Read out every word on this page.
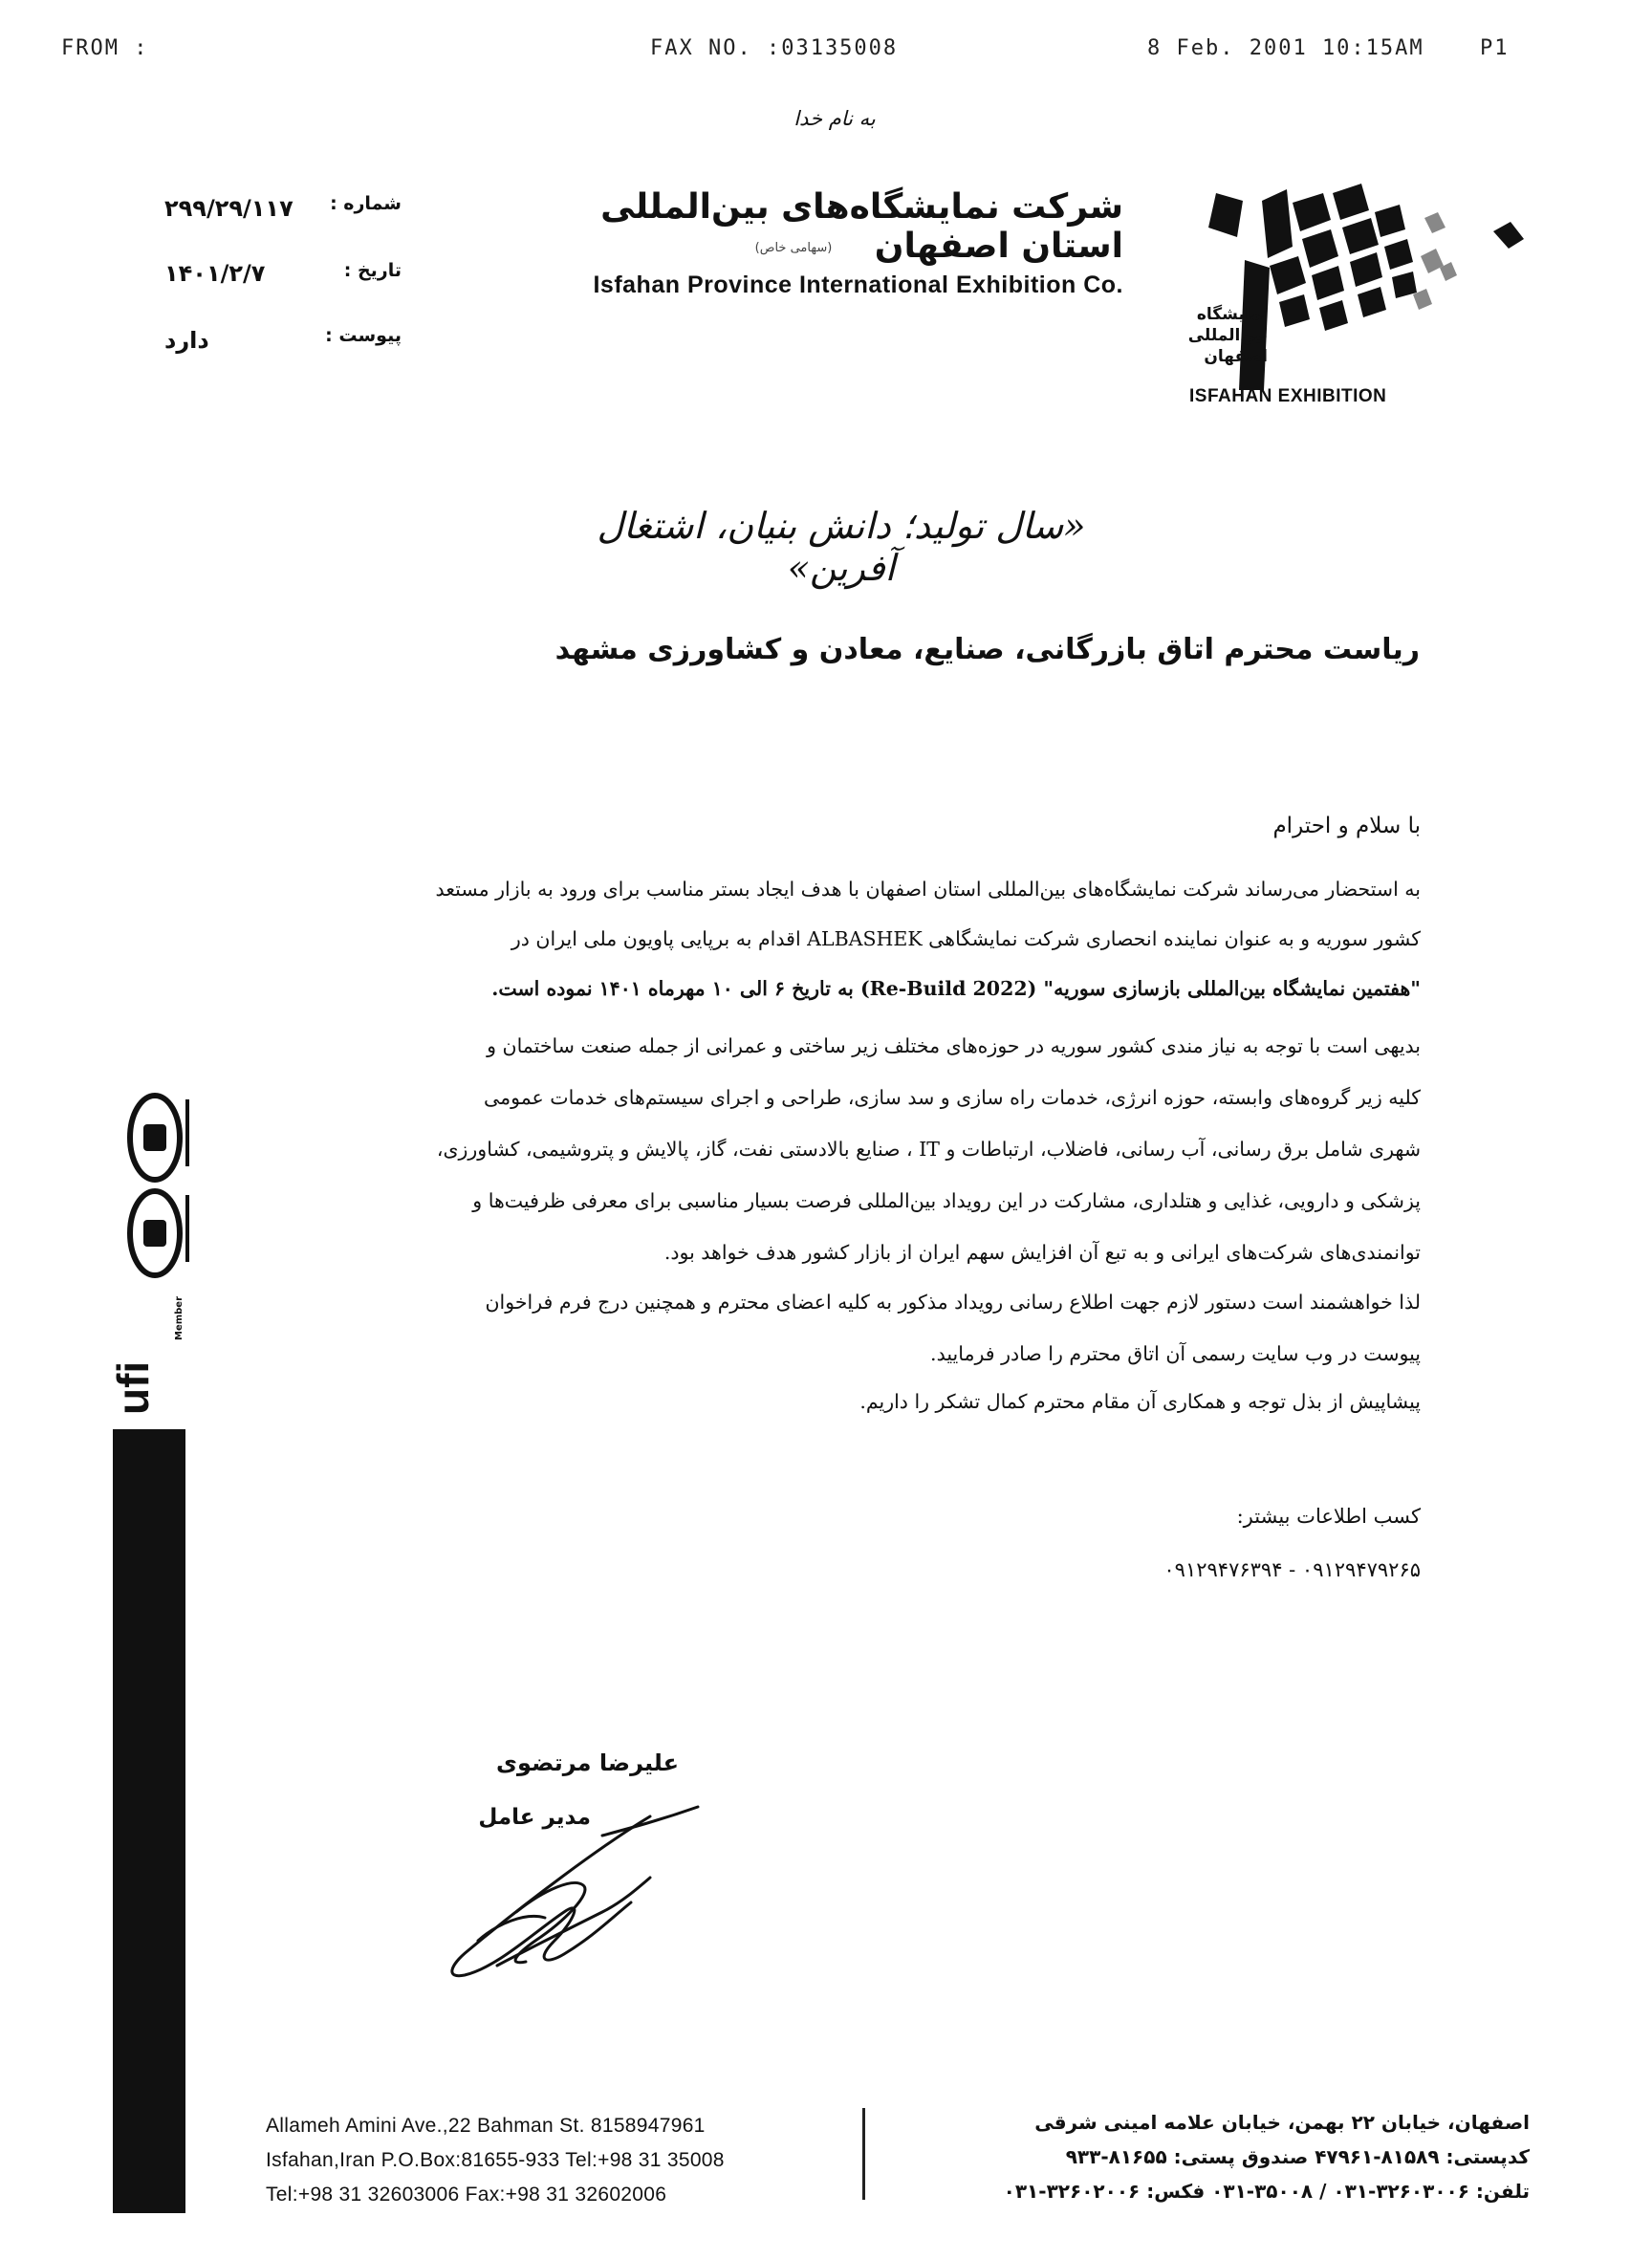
FROM :	FAX NO. :03135008	8 Feb. 2001 10:15AM	P1
به نام خدا
شرکت نمایشگاه‌های بین‌المللی استان اصفهان
(سهامی خاص)
Isfahan Province International Exhibition Co.
شماره :
۲۹۹/۲۹/۱۱۷
تاریخ :
۱۴۰۱/۲/۷
پیوست :
دارد
نمایشگاه
بین‌المللی
اصفهان
ISFAHAN EXHIBITION
«سال تولید؛ دانش بنیان، اشتغال آفرین»
ریاست محترم اتاق بازرگانی، صنایع، معادن و کشاورزی مشهد
با سلام و احترام
به استحضار می‌رساند شرکت نمایشگاه‌های بین‌المللی استان اصفهان با هدف ایجاد بستر مناسب برای ورود به بازار مستعد
کشور سوریه و به عنوان نماینده انحصاری شرکت نمایشگاهی ALBASHEK اقدام به برپایی پاویون ملی ایران در
"هفتمین نمایشگاه بین‌المللی بازسازی سوریه" (Re-Build 2022) به تاریخ ۶ الی ۱۰ مهرماه ۱۴۰۱ نموده است.
بدیهی است با توجه به نیاز مندی کشور سوریه در حوزه‌های مختلف زیر ساختی و عمرانی از جمله صنعت ساختمان و
کلیه زیر گروه‌های وابسته، حوزه انرژی، خدمات راه سازی و سد سازی، طراحی و اجرای سیستم‌های خدمات عمومی
شهری شامل برق رسانی، آب رسانی، فاضلاب، ارتباطات و IT ، صنایع بالادستی نفت، گاز، پالایش و پتروشیمی، کشاورزی،
پزشکی و دارویی، غذایی و هتلداری، مشارکت در این رویداد بین‌المللی فرصت بسیار مناسبی برای معرفی ظرفیت‌ها و
توانمندی‌های شرکت‌های ایرانی و به تبع آن افزایش سهم ایران از بازار کشور هدف خواهد بود.
لذا خواهشمند است دستور لازم جهت اطلاع رسانی رویداد مذکور به کلیه اعضای محترم و همچنین درج فرم فراخوان
پیوست در وب سایت رسمی آن اتاق محترم را صادر فرمایید.
پیشاپیش از بذل توجه و همکاری آن مقام محترم کمال تشکر را داریم.
کسب اطلاعات بیشتر:
۰۹۱۲۹۴۷۶۳۹۴ - ۰۹۱۲۹۴۷۹۲۶۵
علیرضا مرتضوی
مدیر عامل
ufi
Member
www.isfahanfair.com info@isfahanfair.com
Allameh Amini Ave.,22 Bahman St. 8158947961
Isfahan,Iran P.O.Box:81655-933 Tel:+98 31 35008
Tel:+98 31 32603006 Fax:+98 31 32602006
اصفهان، خیابان ۲۲ بهمن، خیابان علامه امینی شرقی
کدپستی: ۸۱۵۸۹-۴۷۹۶۱ صندوق پستی: ۸۱۶۵۵-۹۳۳
تلفن: ۳۲۶۰۳۰۰۶-۰۳۱ / ۳۵۰۰۸-۰۳۱ فکس: ۳۲۶۰۲۰۰۶-۰۳۱
